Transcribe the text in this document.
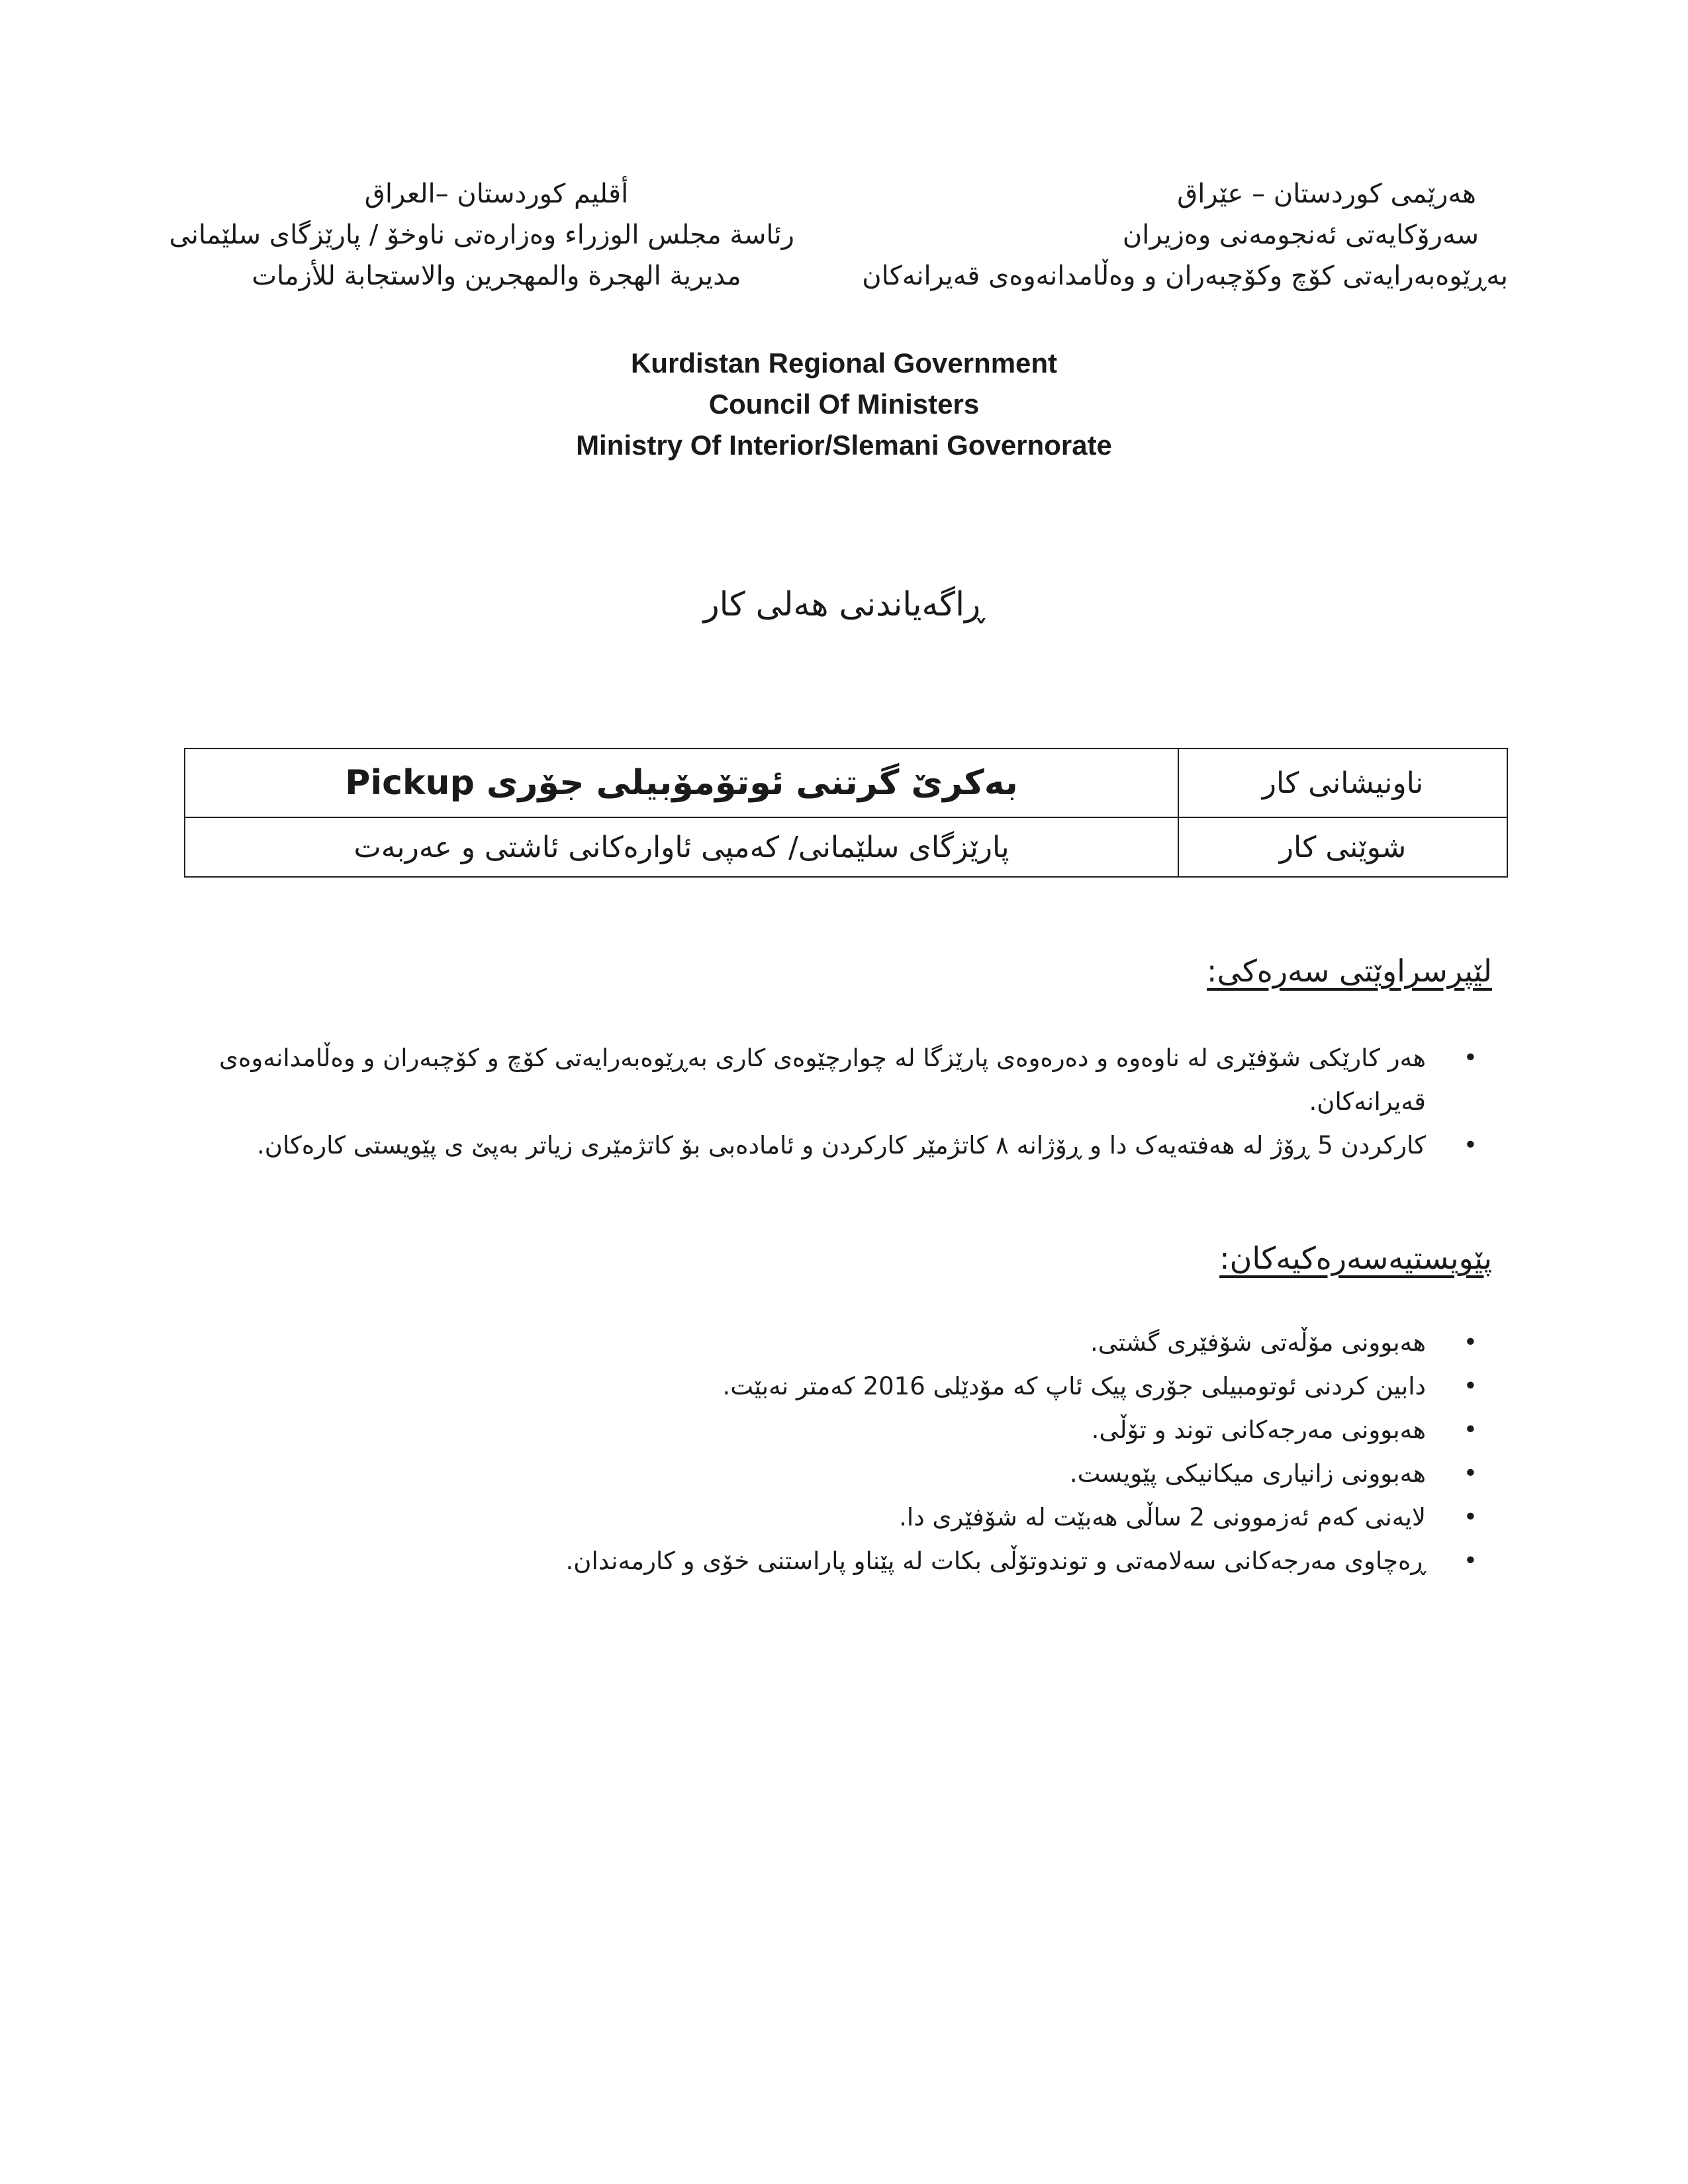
هەرێمی کوردستان – عێراق
سەرۆکایەتی ئەنجومەنی وەزیران
بەڕێوەبەرایەتی کۆچ وکۆچبەران و وەڵامدانەوەی قەیرانەکان
أقليم كوردستان –العراق
رئاسة مجلس الوزراء وەزارەتی ناوخۆ / پارێزگای سلێمانی
مديرية الهجرة والمهجرين والاستجابة للأزمات
Kurdistan Regional Government
Council Of Ministers
Ministry Of Interior/Slemani Governorate
ڕاگەیاندنی هەلی کار
ناونیشانی کار	بەکرێ گرتنی ئوتۆمۆبیلی جۆری Pickup
شوێنی کار	پارێزگای سلێمانی/ کەمپی ئاوارەکانی ئاشتی و عەربەت
لێپرسراوێتی سەرەکی:
•
هەر کارێکی شۆفێری لە ناوەوە و دەرەوەی پارێزگا لە چوارچێوەی کاری بەڕێوەبەرایەتی کۆچ و کۆچبەران و وەڵامدانەوەی قەیرانەکان.
•
کارکردن 5 ڕۆژ لە هەفتەیەک دا و ڕۆژانە ٨ کاتژمێر کارکردن و ئامادەبی بۆ کاتژمێری زیاتر بەپێ ی پێویستی کارەکان.
پێویستیەسەرەکیەکان:
•
هەبوونی مۆڵەتی شۆفێری گشتی.
•
دابین کردنی ئوتومبیلی جۆری پیک ئاپ کە مۆدێلی 2016 کەمتر نەبێت.
•
هەبوونی مەرجەکانی توند و تۆڵی.
•
هەبوونی زانیاری میکانیکی پێویست.
•
لایەنی کەم ئەزموونی 2 ساڵی هەبێت لە شۆفێری دا.
•
ڕەچاوی مەرجەکانی سەلامەتی و توندوتۆڵی بکات لە پێناو پاراستنی خۆی و کارمەندان.
